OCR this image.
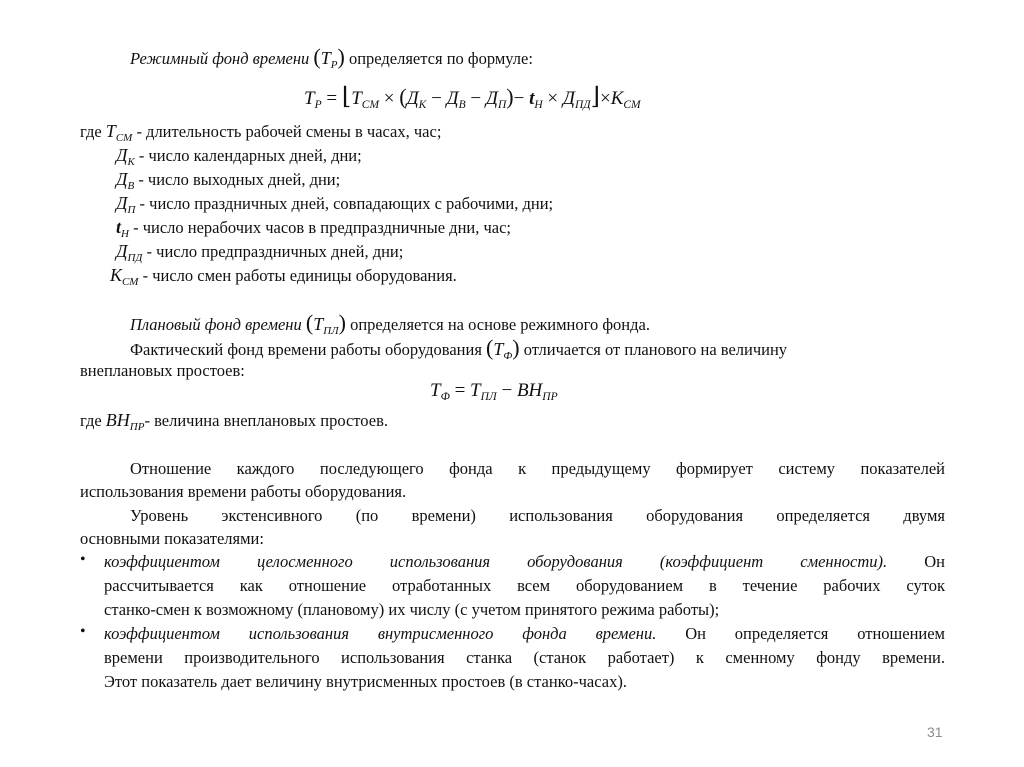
Режимный фонд времени $(Т_Р)$ определяется по формуле:
$Т_Р$ = $⌊Т_{СМ} \times (Д_К - Д_В - Д_П)- t_Н$ × $Д_{ПД}⌋\times К_{СМ}$
где $Т_{СМ}$ - длительность рабочей смены в часах, час;
$Д_К$ - число календарных дней, дни;
$Д_В$ - число выходных дней, дни;
$Д_П$ - число праздничных дней, совпадающих с рабочими, дни;
$t_Н$ - число нерабочих часов в предпраздничные дни, час;
$Д_{ПД}$ - число предпраздничных дней, дни;
$К_{СМ}$ - число смен работы единицы оборудования.
Плановый фонд времени $(Т_{ПЛ})$ определяется на основе режимного фонда.
Фактический фонд времени работы оборудования $(Т_Ф)$ отличается от планового на величину
внеплановых простоев:
$Т_Ф = Т_{ПЛ} - ВН_{ПР}$
где $ВН_{ПР}-$ величина внеплановых простоев.
Отношение каждого последующего фонда к предыдущему формирует систему показателей
использования времени работы оборудования.
Уровень экстенсивного (по времени) использования оборудования определяется двумя
основными показателями:
• коэффициентом целосменного использования оборудования (коэффициент сменности). Он
рассчитывается как отношение отработанных всем оборудованием в течение рабочих суток
станко-смен к возможному (плановому) их числу (с учетом принятого режима работы);
• коэффициентом использования внутрисменного фонда времени. Он определяется отношением
времени производительного использования станка (станок работает) к сменному фонду времени.
Этот показатель дает величину внутрисменных простоев (в станко-часах).
31
